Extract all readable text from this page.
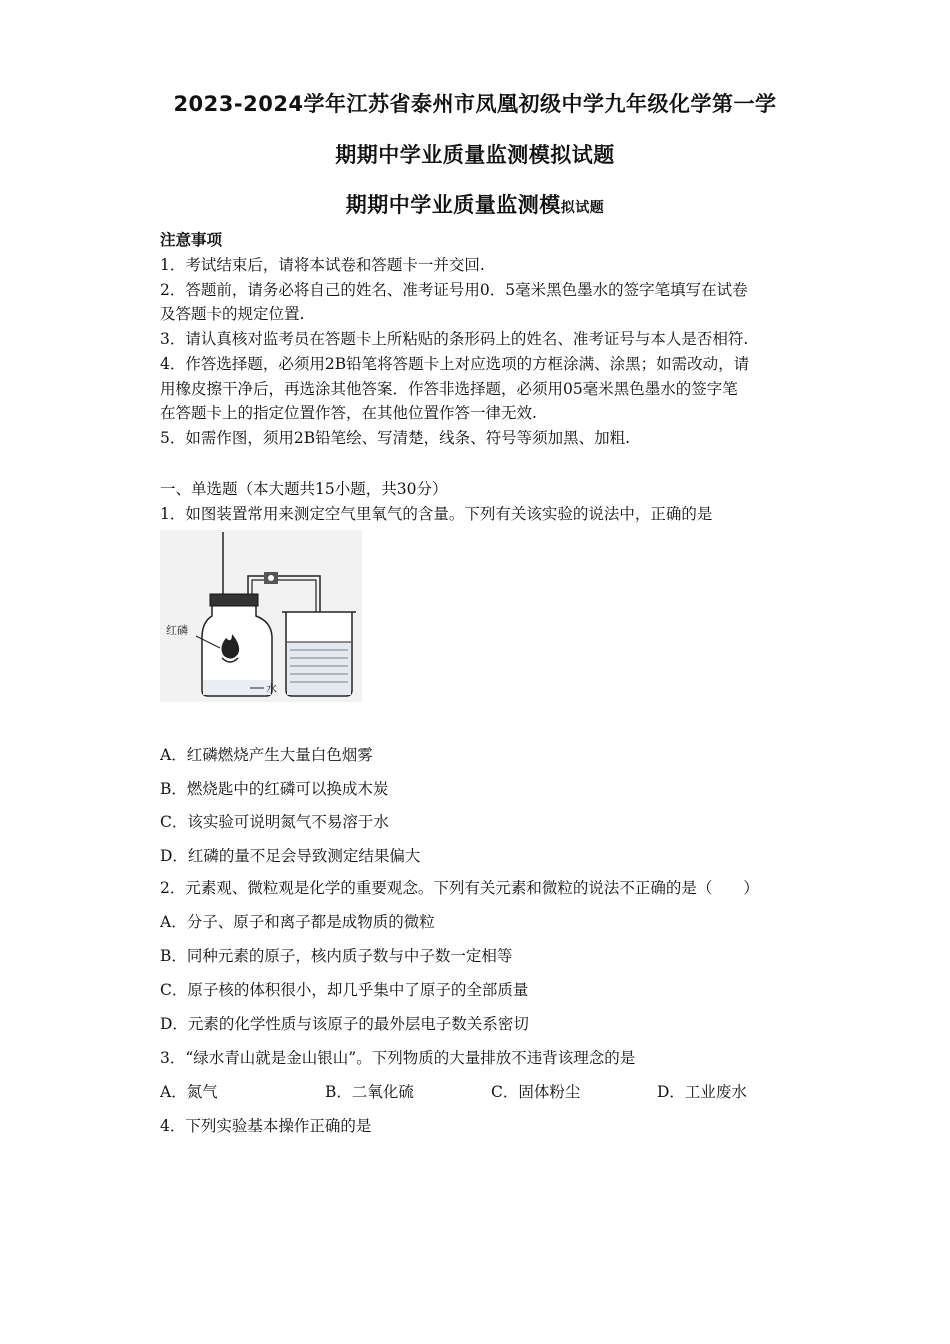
2023-2024学年江苏省泰州市凤凰初级中学九年级化学第一学
期期中学业质量监测模拟试题
期期中学业质量监测模拟试题
注意事项
1．考试结束后，请将本试卷和答题卡一并交回.
2．答题前，请务必将自己的姓名、准考证号用0．5毫米黑色墨水的签字笔填写在试卷
及答题卡的规定位置.
3．请认真核对监考员在答题卡上所粘贴的条形码上的姓名、准考证号与本人是否相符.
4．作答选择题，必须用2B铅笔将答题卡上对应选项的方框涂满、涂黑；如需改动，请
用橡皮擦干净后，再选涂其他答案．作答非选择题，必须用05毫米黑色墨水的签字笔
在答题卡上的指定位置作答，在其他位置作答一律无效.
5．如需作图，须用2B铅笔绘、写清楚，线条、符号等须加黑、加粗.
一、单选题（本大题共15小题，共30分）
1．如图装置常用来测定空气里氧气的含量。下列有关该实验的说法中，正确的是
红磷
水
A．红磷燃烧产生大量白色烟雾
B．燃烧匙中的红磷可以换成木炭
C．该实验可说明氮气不易溶于水
D．红磷的量不足会导致测定结果偏大
2．元素观、微粒观是化学的重要观念。下列有关元素和微粒的说法不正确的是（　　）
A．分子、原子和离子都是成物质的微粒
B．同种元素的原子，核内质子数与中子数一定相等
C．原子核的体积很小，却几乎集中了原子的全部质量
D．元素的化学性质与该原子的最外层电子数关系密切
3．“绿水青山就是金山银山”。下列物质的大量排放不违背该理念的是
A．氮气	B．二氧化硫	C．固体粉尘	D．工业废水
4．下列实验基本操作正确的是
